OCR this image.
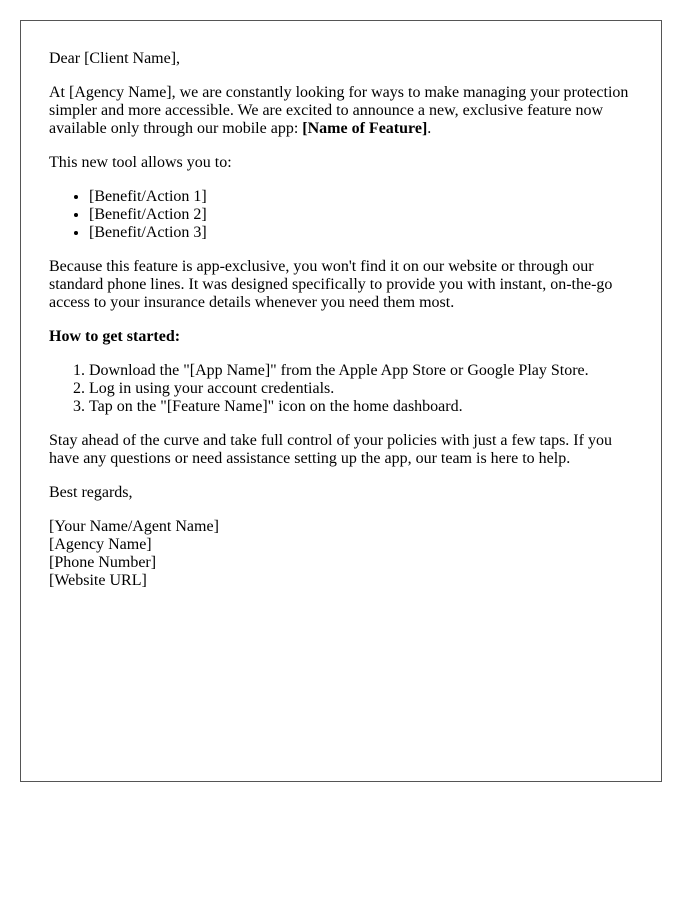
Dear [Client Name],

At [Agency Name], we are constantly looking for ways to make managing your protection simpler and more accessible. We are excited to announce a new, exclusive feature now available only through our mobile app: [Name of Feature].

This new tool allows you to:

• [Benefit/Action 1]
• [Benefit/Action 2]
• [Benefit/Action 3]

Because this feature is app-exclusive, you won't find it on our website or through our standard phone lines. It was designed specifically to provide you with instant, on-the-go access to your insurance details whenever you need them most.

How to get started:

1. Download the "[App Name]" from the Apple App Store or Google Play Store.
2. Log in using your account credentials.
3. Tap on the "[Feature Name]" icon on the home dashboard.

Stay ahead of the curve and take full control of your policies with just a few taps. If you have any questions or need assistance setting up the app, our team is here to help.

Best regards,

[Your Name/Agent Name]
[Agency Name]
[Phone Number]
[Website URL]
